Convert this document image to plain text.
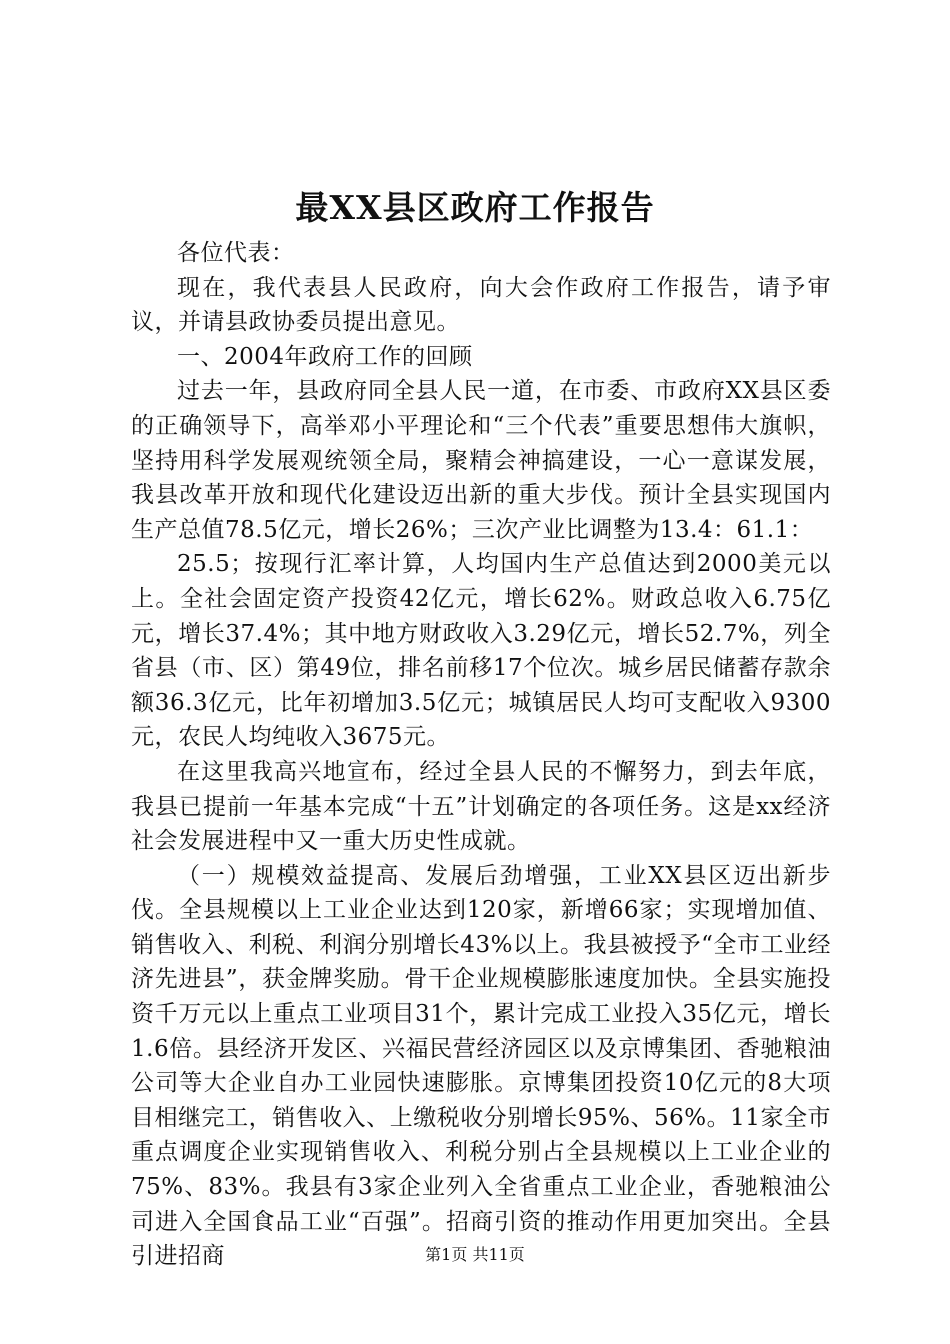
最XX县区政府工作报告

各位代表：

现在，我代表县人民政府，向大会作政府工作报告，请予审议，并请县政协委员提出意见。

一、2004年政府工作的回顾

过去一年，县政府同全县人民一道，在市委、市政府XX县区委的正确领导下，高举邓小平理论和“三个代表”重要思想伟大旗帜，坚持用科学发展观统领全局，聚精会神搞建设，一心一意谋发展，我县改革开放和现代化建设迈出新的重大步伐。预计全县实现国内生产总值78.5亿元，增长26%；三次产业比调整为13.4：61.1：

25.5；按现行汇率计算，人均国内生产总值达到2000美元以上。全社会固定资产投资42亿元，增长62%。财政总收入6.75亿元，增长37.4%；其中地方财政收入3.29亿元，增长52.7%，列全省县（市、区）第49位，排名前移17个位次。城乡居民储蓄存款余额36.3亿元，比年初增加3.5亿元；城镇居民人均可支配收入9300元，农民人均纯收入3675元。

在这里我高兴地宣布，经过全县人民的不懈努力，到去年底，我县已提前一年基本完成“十五”计划确定的各项任务。这是xx经济社会发展进程中又一重大历史性成就。

（一）规模效益提高、发展后劲增强，工业XX县区迈出新步伐。全县规模以上工业企业达到120家，新增66家；实现增加值、销售收入、利税、利润分别增长43%以上。我县被授予“全市工业经济先进县”，获金牌奖励。骨干企业规模膨胀速度加快。全县实施投资千万元以上重点工业项目31个，累计完成工业投入35亿元，增长1.6倍。县经济开发区、兴福民营经济园区以及京博集团、香驰粮油公司等大企业自办工业园快速膨胀。京博集团投资10亿元的8大项目相继完工，销售收入、上缴税收分别增长95%、56%。11家全市重点调度企业实现销售收入、利税分别占全县规模以上工业企业的75%、83%。我县有3家企业列入全省重点工业企业，香驰粮油公司进入全国食品工业“百强”。招商引资的推动作用更加突出。全县引进招商	第1页 共11页
